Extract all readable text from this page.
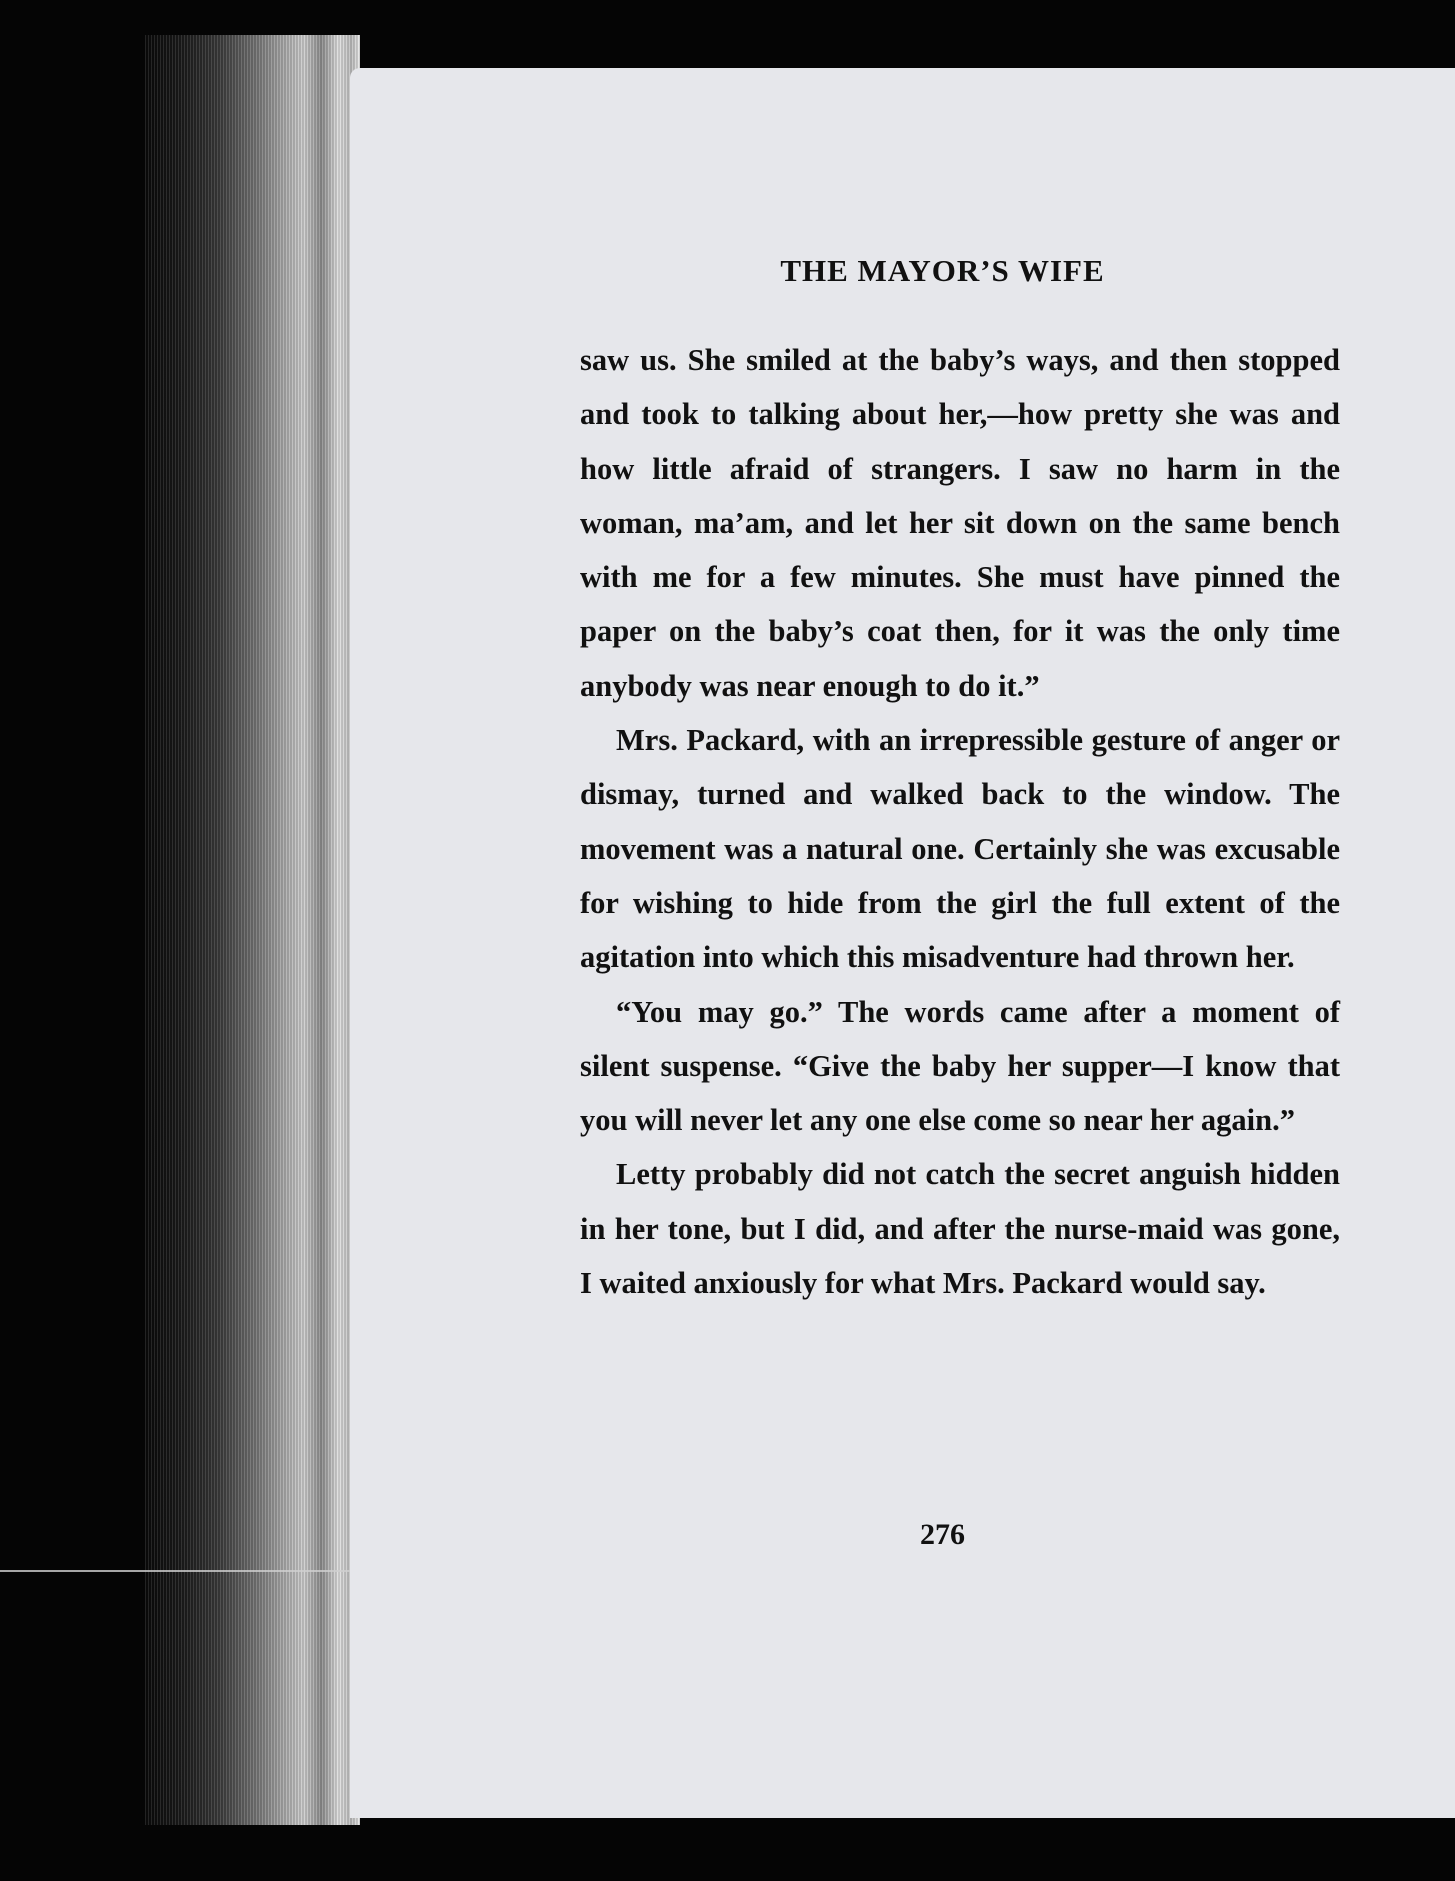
THE MAYOR’S WIFE

saw us. She smiled at the baby’s ways, and then stopped and took to talking about her,—how pretty she was and how little afraid of strangers. I saw no harm in the woman, ma’am, and let her sit down on the same bench with me for a few minutes. She must have pinned the paper on the baby’s coat then, for it was the only time anybody was near enough to do it.”

Mrs. Packard, with an irrepressible gesture of anger or dismay, turned and walked back to the window. The movement was a natural one. Certainly she was excusable for wishing to hide from the girl the full extent of the agitation into which this misadventure had thrown her.

“You may go.” The words came after a moment of silent suspense. “Give the baby her supper—I know that you will never let any one else come so near her again.”

Letty probably did not catch the secret anguish hidden in her tone, but I did, and after the nurse-maid was gone, I waited anxiously for what Mrs. Packard would say.

276
